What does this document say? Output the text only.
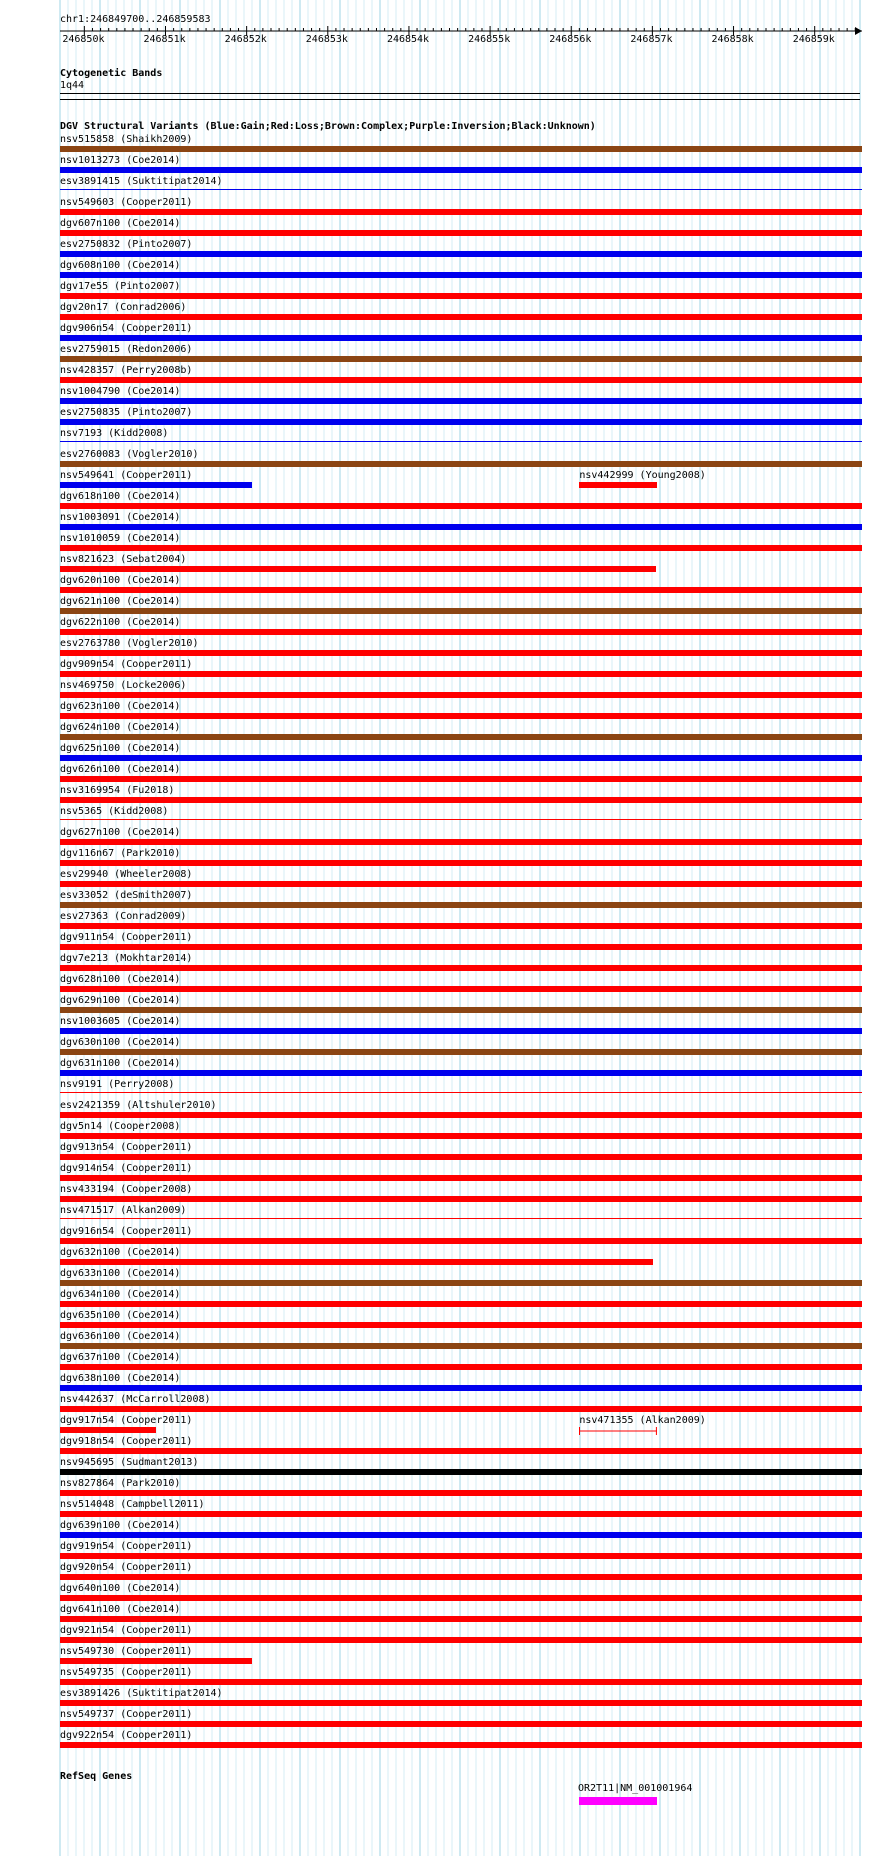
chr1:246849700..246859583
246850k	246851k	246852k	246853k	246854k	246855k	246856k	246857k	246858k	246859k
Cytogenetic Bands
1q44
DGV Structural Variants (Blue:Gain;Red:Loss;Brown:Complex;Purple:Inversion;Black:Unknown)
nsv515858 (Shaikh2009)
nsv1013273 (Coe2014)
esv3891415 (Suktitipat2014)
nsv549603 (Cooper2011)
dgv607n100 (Coe2014)
esv2750832 (Pinto2007)
dgv608n100 (Coe2014)
dgv17e55 (Pinto2007)
dgv20n17 (Conrad2006)
dgv906n54 (Cooper2011)
esv2759015 (Redon2006)
nsv428357 (Perry2008b)
nsv1004790 (Coe2014)
esv2750835 (Pinto2007)
nsv7193 (Kidd2008)
esv2760083 (Vogler2010)
nsv549641 (Cooper2011)	nsv442999 (Young2008)
dgv618n100 (Coe2014)
nsv1003091 (Coe2014)
nsv1010059 (Coe2014)
nsv821623 (Sebat2004)
dgv620n100 (Coe2014)
dgv621n100 (Coe2014)
dgv622n100 (Coe2014)
esv2763780 (Vogler2010)
dgv909n54 (Cooper2011)
nsv469750 (Locke2006)
dgv623n100 (Coe2014)
dgv624n100 (Coe2014)
dgv625n100 (Coe2014)
dgv626n100 (Coe2014)
nsv3169954 (Fu2018)
nsv5365 (Kidd2008)
dgv627n100 (Coe2014)
dgv116n67 (Park2010)
esv29940 (Wheeler2008)
esv33052 (deSmith2007)
esv27363 (Conrad2009)
dgv911n54 (Cooper2011)
dgv7e213 (Mokhtar2014)
dgv628n100 (Coe2014)
dgv629n100 (Coe2014)
nsv1003605 (Coe2014)
dgv630n100 (Coe2014)
dgv631n100 (Coe2014)
nsv9191 (Perry2008)
esv2421359 (Altshuler2010)
dgv5n14 (Cooper2008)
dgv913n54 (Cooper2011)
dgv914n54 (Cooper2011)
nsv433194 (Cooper2008)
nsv471517 (Alkan2009)
dgv916n54 (Cooper2011)
dgv632n100 (Coe2014)
dgv633n100 (Coe2014)
dgv634n100 (Coe2014)
dgv635n100 (Coe2014)
dgv636n100 (Coe2014)
dgv637n100 (Coe2014)
dgv638n100 (Coe2014)
nsv442637 (McCarroll2008)
dgv917n54 (Cooper2011)	nsv471355 (Alkan2009)
dgv918n54 (Cooper2011)
nsv945695 (Sudmant2013)
nsv827864 (Park2010)
nsv514048 (Campbell2011)
dgv639n100 (Coe2014)
dgv919n54 (Cooper2011)
dgv920n54 (Cooper2011)
dgv640n100 (Coe2014)
dgv641n100 (Coe2014)
dgv921n54 (Cooper2011)
nsv549730 (Cooper2011)
nsv549735 (Cooper2011)
esv3891426 (Suktitipat2014)
nsv549737 (Cooper2011)
dgv922n54 (Cooper2011)
RefSeq Genes
OR2T11|NM_001001964
